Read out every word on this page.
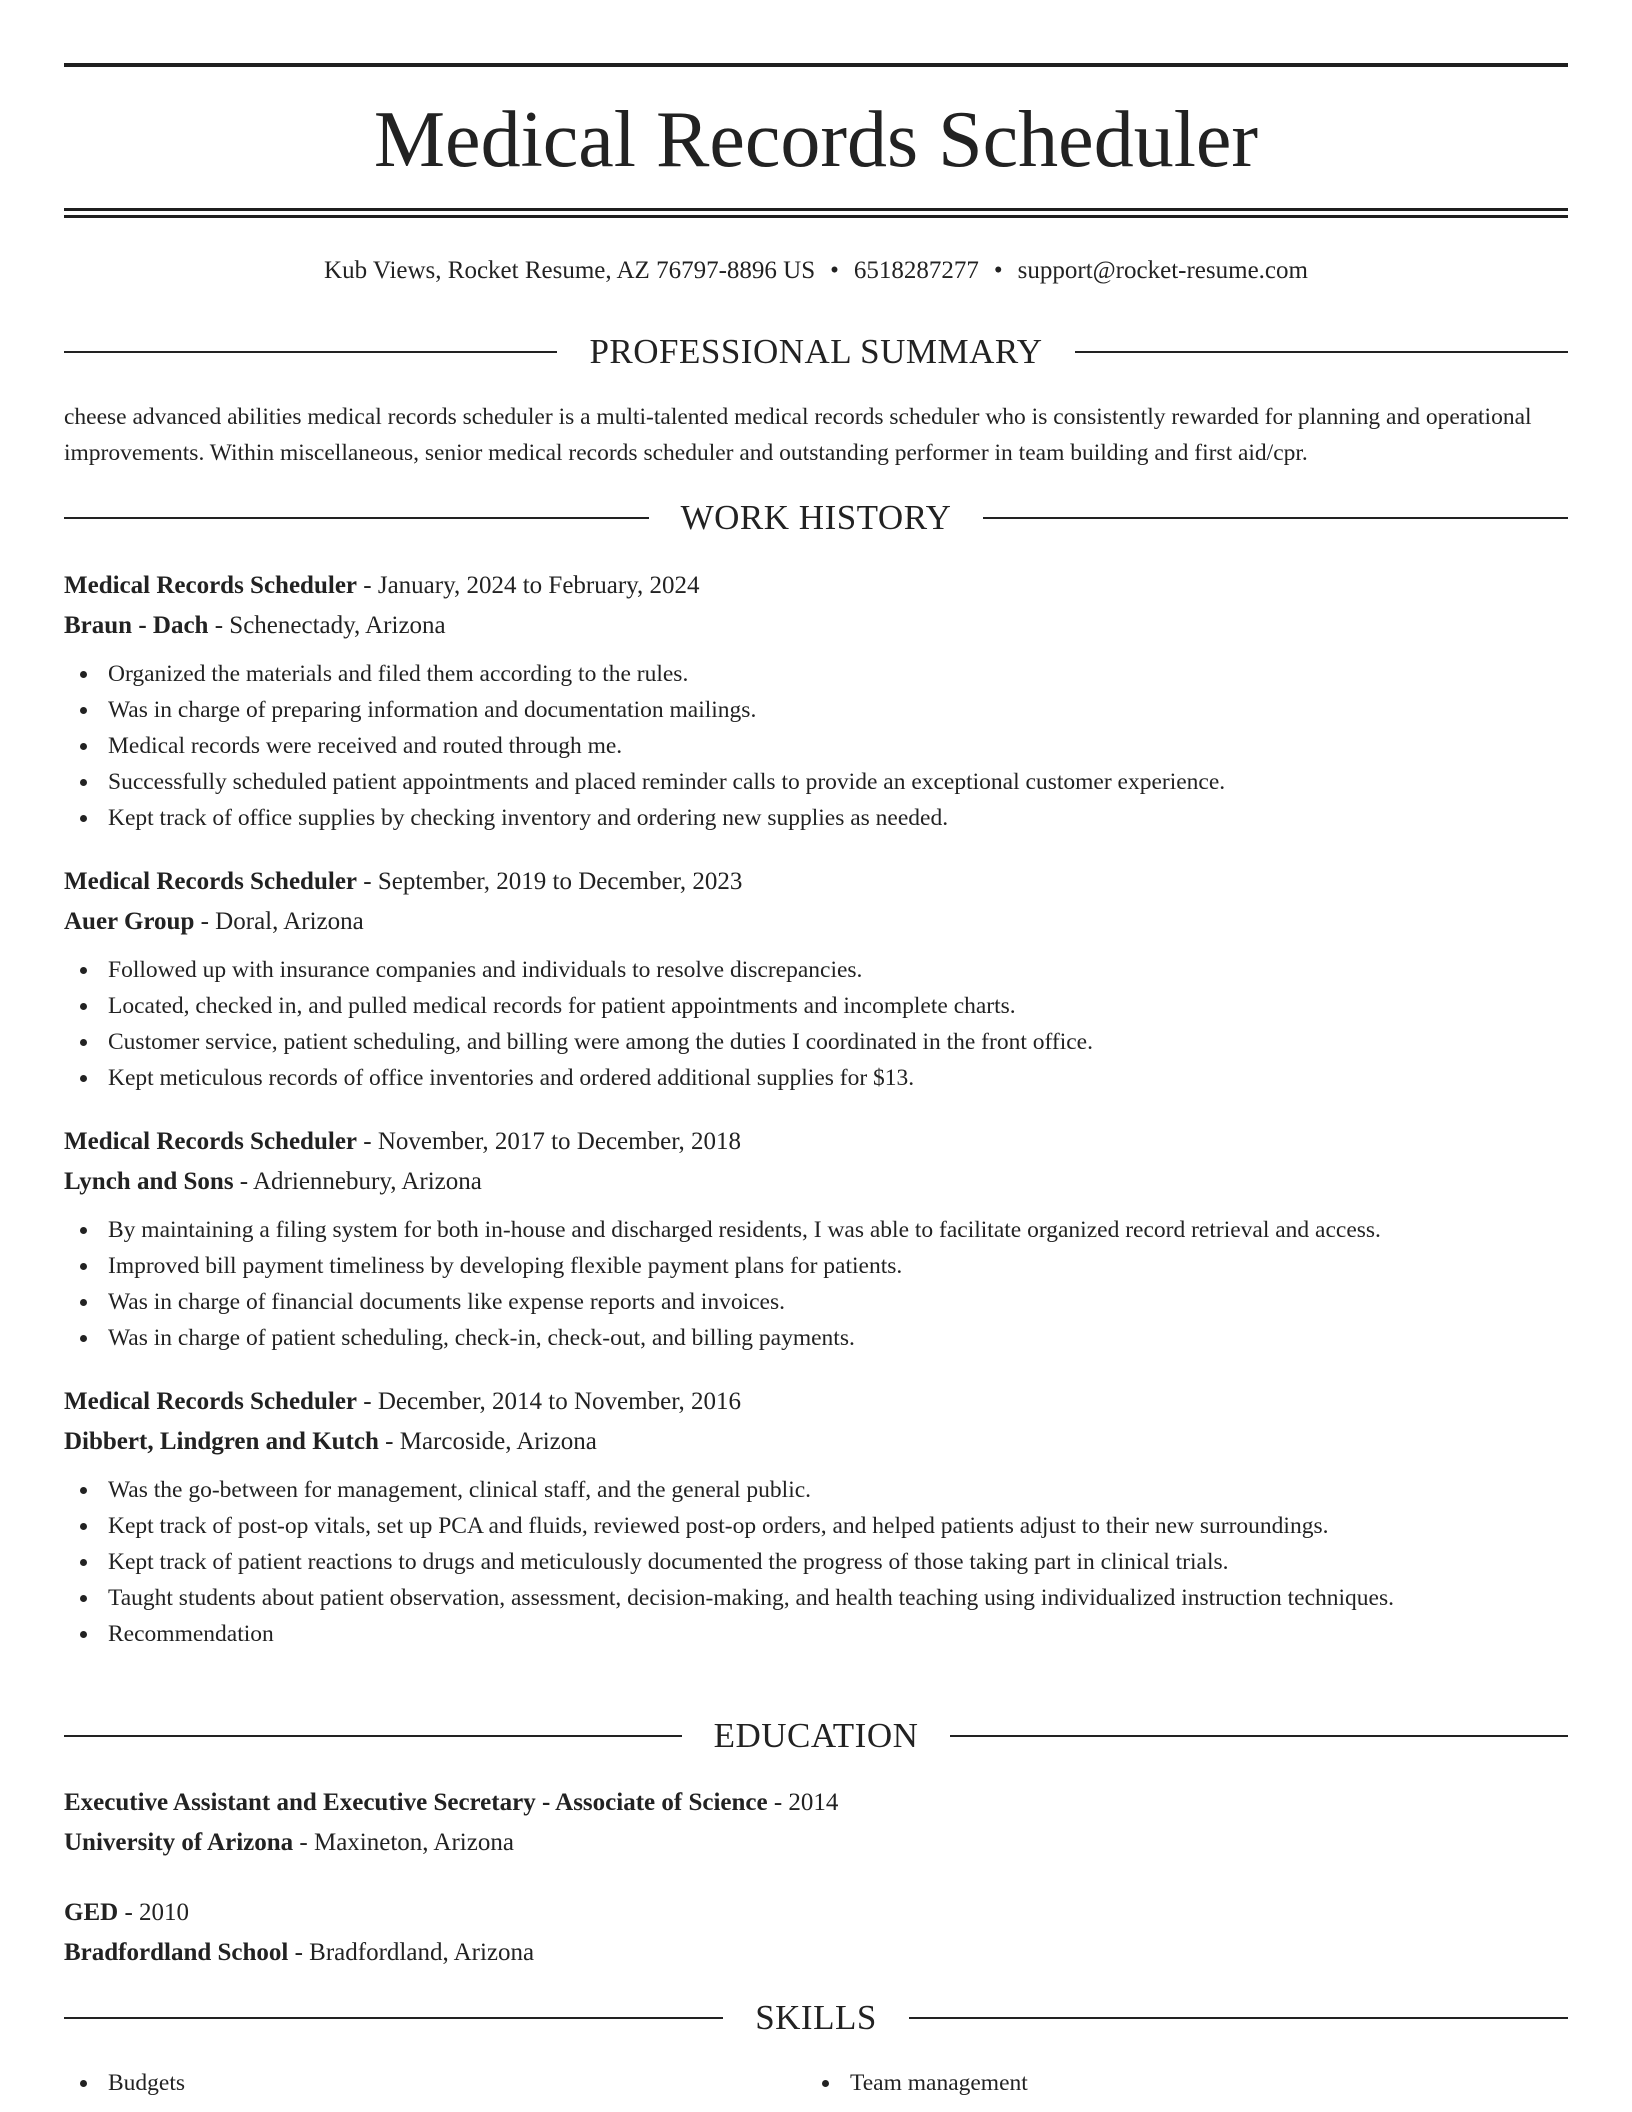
Medical Records Scheduler
Kub Views, Rocket Resume, AZ 76797-8896 US • 6518287277 • support@rocket-resume.com
PROFESSIONAL SUMMARY

cheese advanced abilities medical records scheduler is a multi-talented medical records scheduler who is consistently rewarded for planning and operational improvements. Within miscellaneous, senior medical records scheduler and outstanding performer in team building and first aid/cpr.

WORK HISTORY
Medical Records Scheduler - January, 2024 to February, 2024
Braun - Dach - Schenectady, Arizona
Organized the materials and filed them according to the rules.
Was in charge of preparing information and documentation mailings.
Medical records were received and routed through me.
Successfully scheduled patient appointments and placed reminder calls to provide an exceptional customer experience.
Kept track of office supplies by checking inventory and ordering new supplies as needed.
Medical Records Scheduler - September, 2019 to December, 2023
Auer Group - Doral, Arizona
Followed up with insurance companies and individuals to resolve discrepancies.
Located, checked in, and pulled medical records for patient appointments and incomplete charts.
Customer service, patient scheduling, and billing were among the duties I coordinated in the front office.
Kept meticulous records of office inventories and ordered additional supplies for $13.
Medical Records Scheduler - November, 2017 to December, 2018
Lynch and Sons - Adriennebury, Arizona
By maintaining a filing system for both in-house and discharged residents, I was able to facilitate organized record retrieval and access.
Improved bill payment timeliness by developing flexible payment plans for patients.
Was in charge of financial documents like expense reports and invoices.
Was in charge of patient scheduling, check-in, check-out, and billing payments.
Medical Records Scheduler - December, 2014 to November, 2016
Dibbert, Lindgren and Kutch - Marcoside, Arizona
Was the go-between for management, clinical staff, and the general public.
Kept track of post-op vitals, set up PCA and fluids, reviewed post-op orders, and helped patients adjust to their new surroundings.
Kept track of patient reactions to drugs and meticulously documented the progress of those taking part in clinical trials.
Taught students about patient observation, assessment, decision-making, and health teaching using individualized instruction techniques.
Recommendation
EDUCATION
Executive Assistant and Executive Secretary - Associate of Science - 2014
University of Arizona - Maxineton, Arizona
GED - 2010
Bradfordland School - Bradfordland, Arizona
SKILLS
Budgets	Team management
